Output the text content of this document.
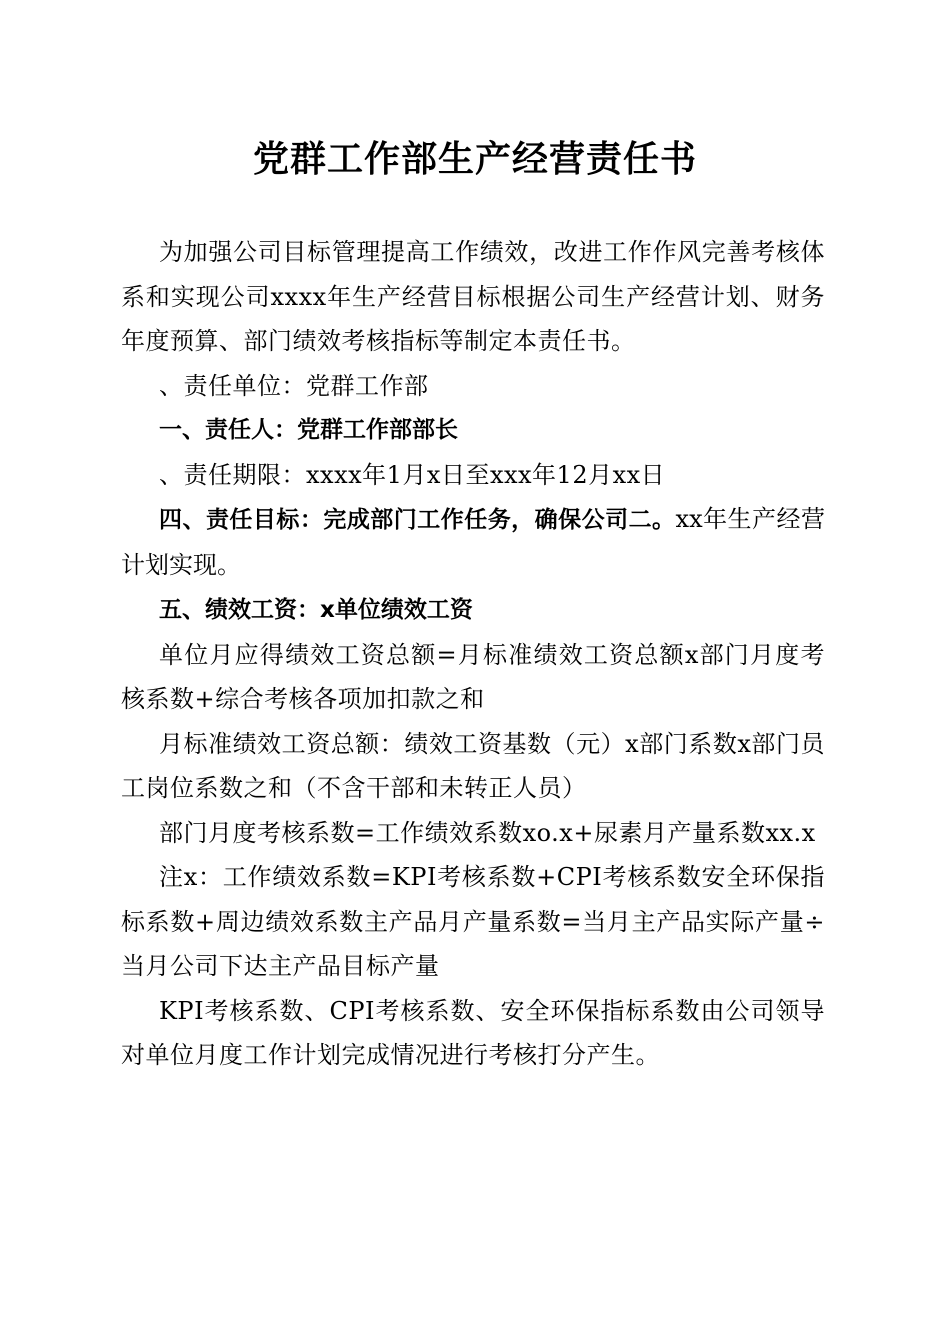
党群工作部生产经营责任书

为加强公司目标管理提高工作绩效，改进工作作风完善考核体系和实现公司xxxx年生产经营目标根据公司生产经营计划、财务年度预算、部门绩效考核指标等制定本责任书。

、责任单位：党群工作部

一、责任人：党群工作部部长

、责任期限：xxxx年1月x日至xxx年12月xx日

四、责任目标：完成部门工作任务，确保公司二。xx年生产经营计划实现。

五、绩效工资：x单位绩效工资

单位月应得绩效工资总额=月标准绩效工资总额x部门月度考核系数+综合考核各项加扣款之和

月标准绩效工资总额：绩效工资基数（元）x部门系数x部门员工岗位系数之和（不含干部和未转正人员）

部门月度考核系数=工作绩效系数xo.x+尿素月产量系数xx.x

注x：工作绩效系数=KPI考核系数+CPI考核系数安全环保指标系数+周边绩效系数主产品月产量系数=当月主产品实际产量÷当月公司下达主产品目标产量

KPI考核系数、CPI考核系数、安全环保指标系数由公司领导对单位月度工作计划完成情况进行考核打分产生。
